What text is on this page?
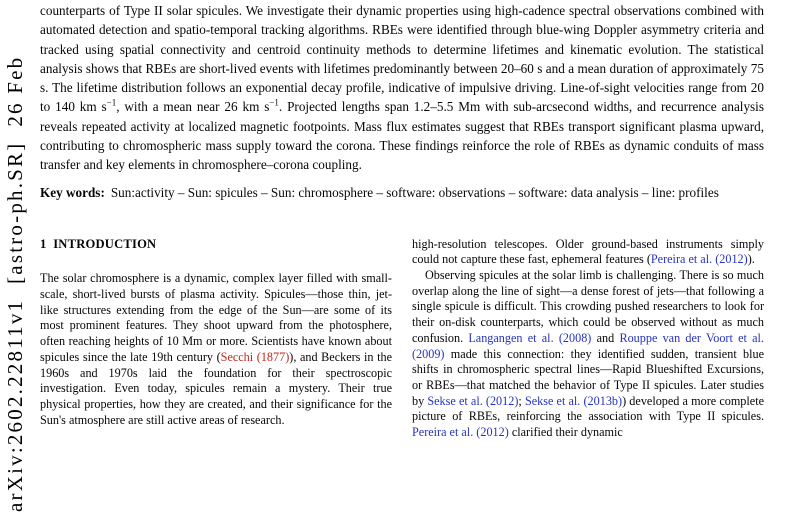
arXiv:2602.22811v1  [astro-ph.SR]  26 Feb

counterparts of Type II solar spicules. We investigate their dynamic properties using high-cadence spectral observations combined with automated detection and spatio-temporal tracking algorithms. RBEs were identified through blue-wing Doppler asymmetry criteria and tracked using spatial connectivity and centroid continuity methods to determine lifetimes and kinematic evolution. The statistical analysis shows that RBEs are short-lived events with lifetimes predominantly between 20–60 s and a mean duration of approximately 75 s. The lifetime distribution follows an exponential decay profile, indicative of impulsive driving. Line-of-sight velocities range from 20 to 140 km $s^{-1}$, with a mean near 26 km $s^{-1}$. Projected lengths span 1.2–5.5 Mm with sub-arcsecond widths, and recurrence analysis reveals repeated activity at localized magnetic footpoints. Mass flux estimates suggest that RBEs transport significant plasma upward, contributing to chromospheric mass supply toward the corona. These findings reinforce the role of RBEs as dynamic conduits of mass transfer and key elements in chromosphere–corona coupling.

Key words: Sun:activity – Sun: spicules – Sun: chromosphere – software: observations – software: data analysis – line: profiles
1  INTRODUCTION

The solar chromosphere is a dynamic, complex layer filled with small-scale, short-lived bursts of plasma activity. Spicules—those thin, jet-like structures extending from the edge of the Sun—are some of its most prominent features. They shoot upward from the photosphere, often reaching heights of 10 Mm or more. Scientists have known about spicules since the late 19th century (Secchi (1877)), and Beckers in the 1960s and 1970s laid the foundation for their spectroscopic investigation. Even today, spicules remain a mystery. Their true physical properties, how they are created, and their significance for the Sun's atmosphere are still active areas of research.

high-resolution telescopes. Older ground-based instruments simply could not capture these fast, ephemeral features (Pereira et al. (2012)).

Observing spicules at the solar limb is challenging. There is so much overlap along the line of sight—a dense forest of jets—that following a single spicule is difficult. This crowding pushed researchers to look for their on-disk counterparts, which could be observed without as much confusion. Langangen et al. (2008) and Rouppe van der Voort et al. (2009) made this connection: they identified sudden, transient blue shifts in chromospheric spectral lines—Rapid Blueshifted Excursions, or RBEs—that matched the behavior of Type II spicules. Later studies by Sekse et al. (2012); Sekse et al. (2013b)) developed a more complete picture of RBEs, reinforcing the association with Type II spicules. Pereira et al. (2012) clarified their dynamic
